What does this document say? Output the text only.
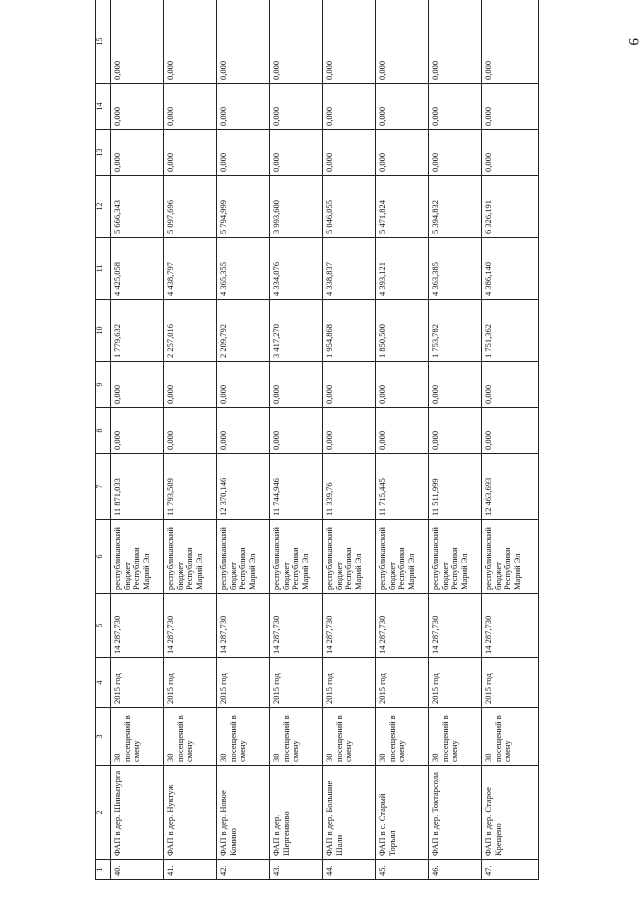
9
1	2	3	4	5	6	7	8	9	10	11	12	13	14	15
40.	ФАП в дер. Шиньпурга	30 посещений в смену	2015 год	14 287,730	республиканский бюджет Республики Марий Эл	11 871,033	0,000	0,000	1 779,632	4 425,058	5 666,343	0,000	0,000	0,000
41.	ФАП в дер. Нуктуж	30 посещений в смену	2015 год	14 287,730	республиканский бюджет Республики Марий Эл	11 793,509	0,000	0,000	2 257,016	4 438,797	5 097,696	0,000	0,000	0,000
42.	ФАП в дер. Новое Комино	30 посещений в смену	2015 год	14 287,730	республиканский бюджет Республики Марий Эл	12 370,146	0,000	0,000	2 209,792	4 365,355	5 794,999	0,000	0,000	0,000
43.	ФАП в дер. Шергенвово	30 посещений в смену	2015 год	14 287,730	республиканский бюджет Республики Марий Эл	11 744,946	0,000	0,000	3 417,270	4 334,076	3 993,600	0,000	0,000	0,000
44.	ФАП в дер. Большие Шали	30 посещений в смену	2015 год	14 287,730	республиканский бюджет Республики Марий Эл	11 339,76	0,000	0,000	1 954,868	4 338,837	5 046,055	0,000	0,000	0,000
45.	ФАП в с. Старый Торъял	30 посещений в смену	2015 год	14 287,730	республиканский бюджет Республики Марий Эл	11 715,445	0,000	0,000	1 850,500	4 393,121	5 471,824	0,000	0,000	0,000
46.	ФАП в дер. Токтарсола	30 посещений в смену	2015 год	14 287,730	республиканский бюджет Республики Марий Эл	11 511,999	0,000	0,000	1 753,782	4 363,385	5 394,832	0,000	0,000	0,000
47.	ФАП в дер. Старое Крещено	30 посещений в смену	2015 год	14 287,730	республиканский бюджет Республики Марий Эл	12 463,693	0,000	0,000	1 751,362	4 386,140	6 326,191	0,000	0,000	0,000
